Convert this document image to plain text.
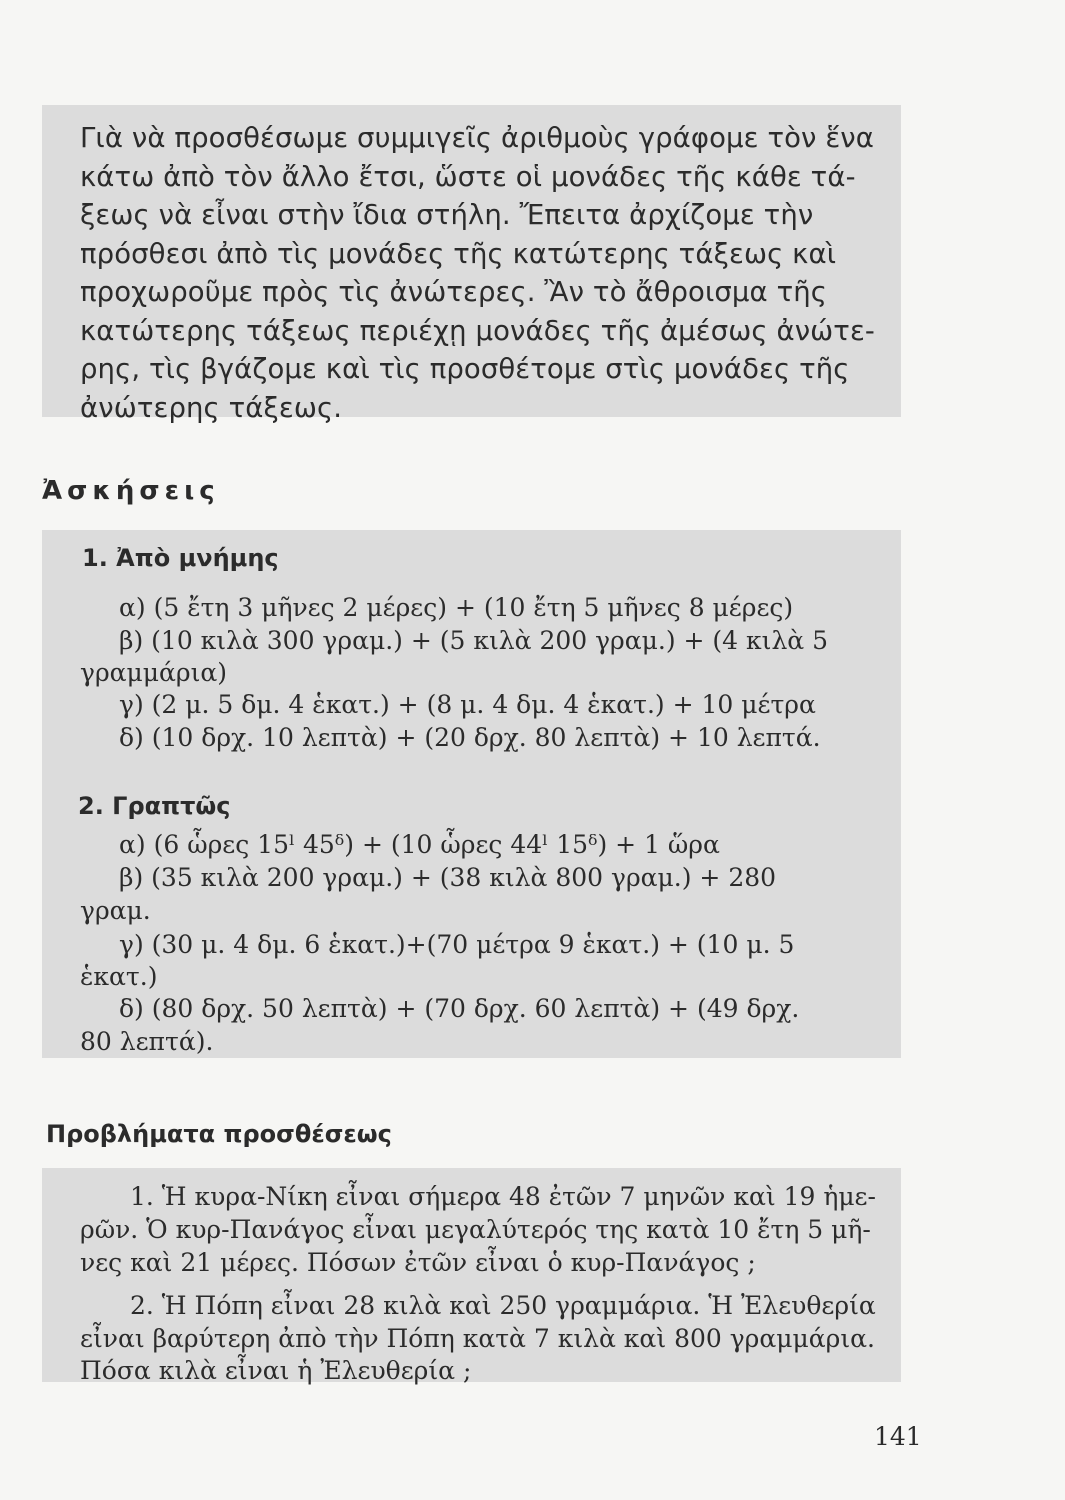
Γιὰ νὰ προσθέσωμε συμμιγεῖς ἀριθμοὺς γράφομε τὸν ἕνα
κάτω ἀπὸ τὸν ἄλλο ἔτσι, ὥστε οἱ μονάδες τῆς κάθε τά-
ξεως νὰ εἶναι στὴν ἴδια στήλη. Ἔπειτα ἀρχίζομε τὴν
πρόσθεσι ἀπὸ τὶς μονάδες τῆς κατώτερης τάξεως καὶ
προχωροῦμε πρὸς τὶς ἀνώτερες. Ἂν τὸ ἄθροισμα τῆς
κατώτερης τάξεως περιέχῃ μονάδες τῆς ἀμέσως ἀνώτε-
ρης, τὶς βγάζομε καὶ τὶς προσθέτομε στὶς μονάδες τῆς
ἀνώτερης τάξεως.
Ἀσκήσεις
1. Ἀπὸ μνήμης
α) (5 ἔτη 3 μῆνες 2 μέρες) + (10 ἔτη 5 μῆνες 8 μέρες)
β) (10 κιλὰ 300 γραμ.) + (5 κιλὰ 200 γραμ.) + (4 κιλὰ 5
γραμμάρια)
γ) (2 μ. 5 δμ. 4 ἑκατ.) + (8 μ. 4 δμ. 4 ἑκατ.) + 10 μέτρα
δ) (10 δρχ. 10 λεπτὰ) + (20 δρχ. 80 λεπτὰ) + 10 λεπτά.
2. Γραπτῶς
α) (6 ὧρες 15ˡ 45ᵟ) + (10 ὧρες 44ˡ 15ᵟ) + 1 ὥρα
β) (35 κιλὰ 200 γραμ.) + (38 κιλὰ 800 γραμ.) + 280
γραμ.
γ) (30 μ. 4 δμ. 6 ἑκατ.)+(70 μέτρα 9 ἑκατ.) + (10 μ. 5
ἑκατ.)
δ) (80 δρχ. 50 λεπτὰ) + (70 δρχ. 60 λεπτὰ) + (49 δρχ.
80 λεπτά).
Προβλήματα προσθέσεως
1. Ἡ κυρα-Νίκη εἶναι σήμερα 48 ἐτῶν 7 μηνῶν καὶ 19 ἡμε-
ρῶν. Ὁ κυρ-Πανάγος εἶναι μεγαλύτερός της κατὰ 10 ἔτη 5 μῆ-
νες καὶ 21 μέρες. Πόσων ἐτῶν εἶναι ὁ κυρ-Πανάγος ;
2. Ἡ Πόπη εἶναι 28 κιλὰ καὶ 250 γραμμάρια. Ἡ Ἐλευθερία
εἶναι βαρύτερη ἀπὸ τὴν Πόπη κατὰ 7 κιλὰ καὶ 800 γραμμάρια.
Πόσα κιλὰ εἶναι ἡ Ἐλευθερία ;
141
